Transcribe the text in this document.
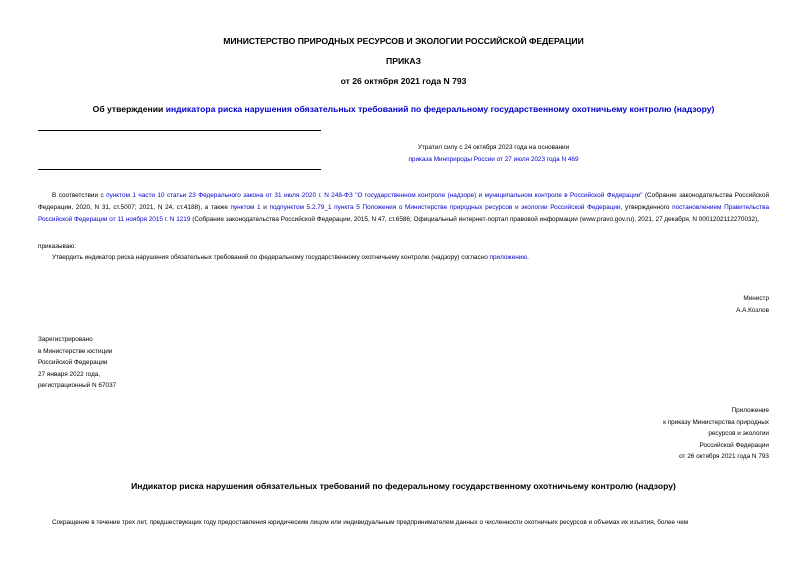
МИНИСТЕРСТВО ПРИРОДНЫХ РЕСУРСОВ И ЭКОЛОГИИ РОССИЙСКОЙ ФЕДЕРАЦИИ
ПРИКАЗ
от 26 октября 2021 года N 793
Об утверждении индикатора риска нарушения обязательных требований по федеральному государственному охотничьему контролю (надзору)
Утратил силу с 24 октября 2023 года на основании
приказа Минприроды России от 27 июля 2023 года N 469
В соответствии с пунктом 1 части 10 статьи 23 Федерального закона от 31 июля 2020 г. N 248-ФЗ "О государственном контроле (надзоре) и муниципальном контроле в Российской Федерации" (Собрание законодательства Российской Федерации, 2020, N 31, ст.5007; 2021, N 24, ст.4188), а также пунктом 1 и подпунктом 5.2.79_1 пункта 5 Положения о Министерстве природных ресурсов и экологии Российской Федерации, утвержденного постановлением Правительства Российской Федерации от 11 ноября 2015 г. N 1219 (Собрание законодательства Российской Федерации, 2015, N 47, ст.6586; Официальный интернет-портал правовой информации (www.pravo.gov.ru), 2021, 27 декабря, N 0001202112270032),
приказываю:
Утвердить индикатор риска нарушения обязательных требований по федеральному государственному охотничьему контролю (надзору) согласно приложению.
Министр
А.А.Козлов
Зарегистрировано
в Министерстве юстиции
Российской Федерации
27 января 2022 года,
регистрационный N 67037
Приложение
к приказу Министерства природных
ресурсов и экологии
Российской Федерации
от 26 октября 2021 года N 793
Индикатор риска нарушения обязательных требований по федеральному государственному охотничьему контролю (надзору)
Сокращение в течение трех лет, предшествующих году предоставления юридическим лицом или индивидуальным предпринимателем данных о численности охотничьих ресурсов и объемах их изъятия, более чем
